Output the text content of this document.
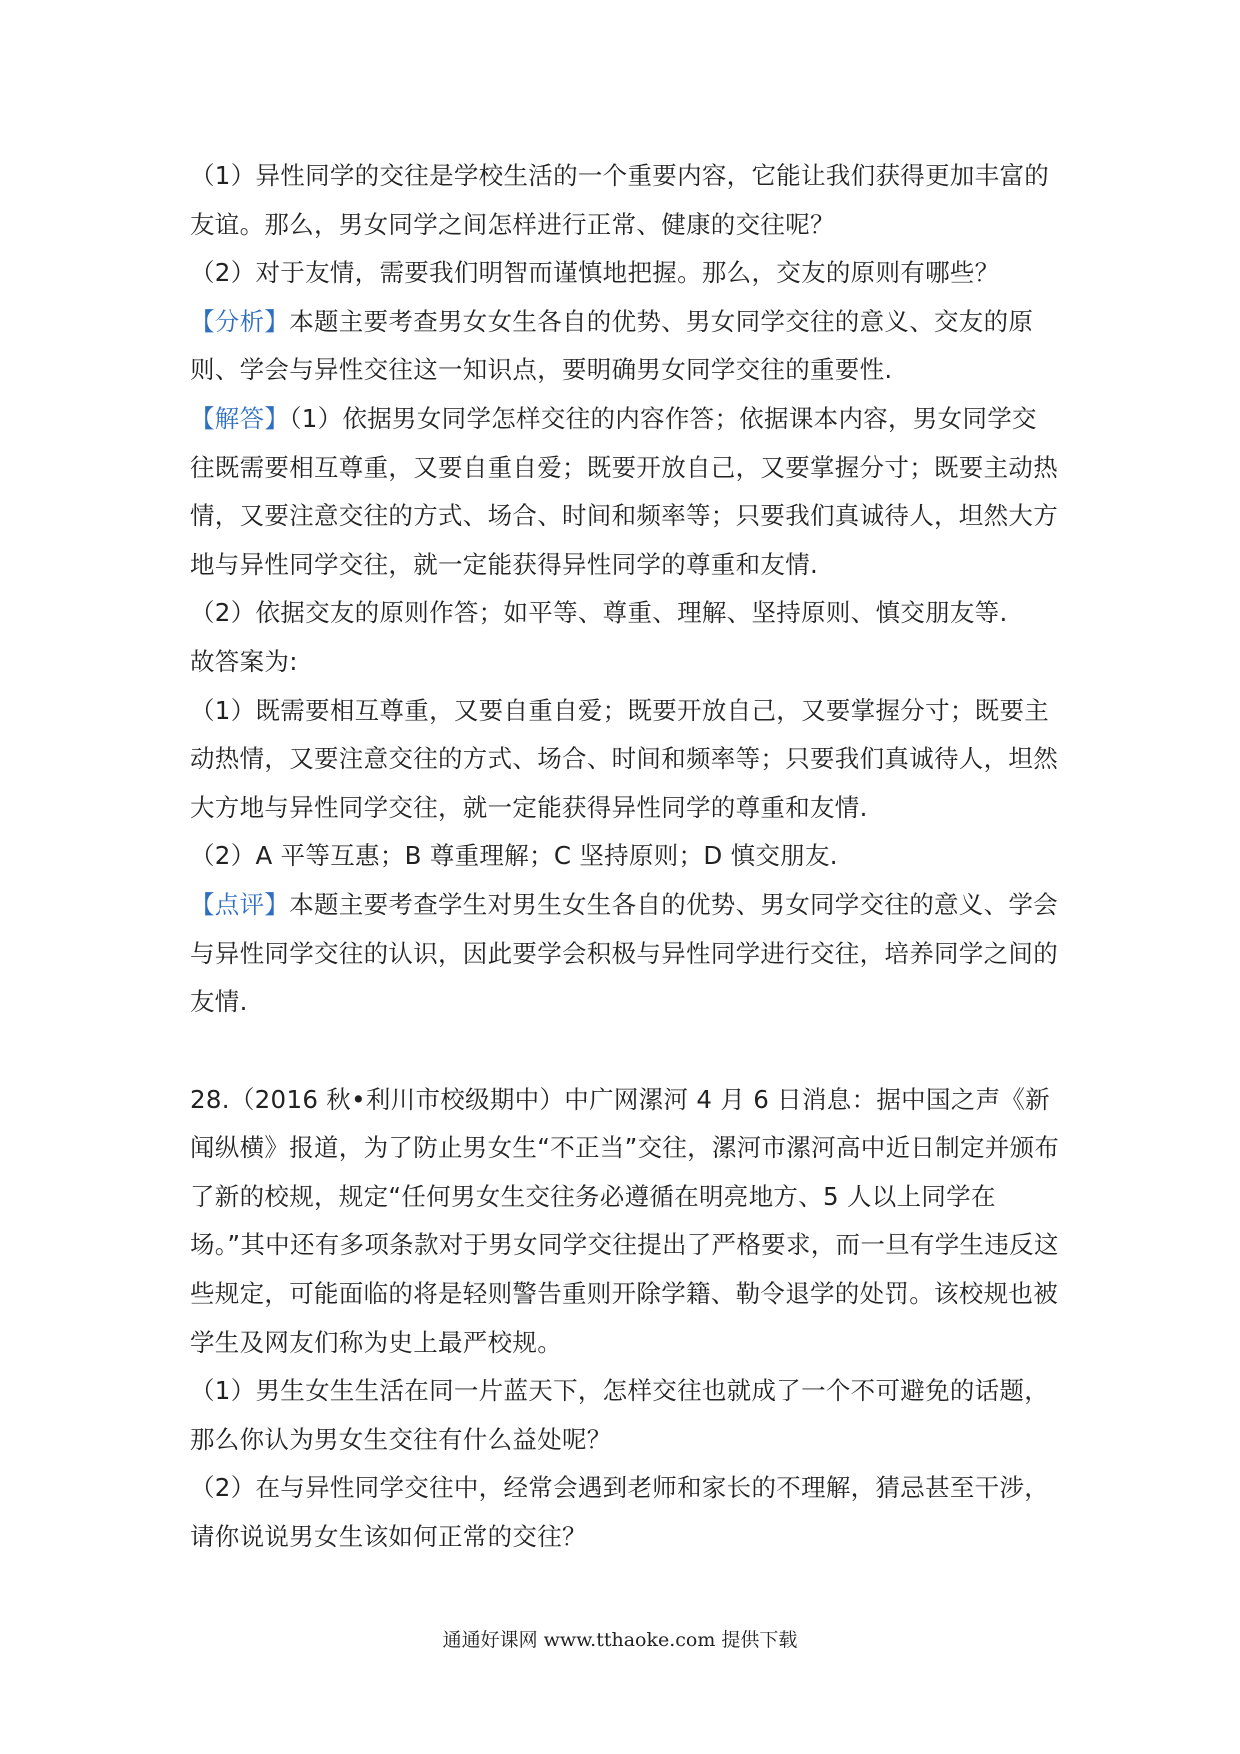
（1）异性同学的交往是学校生活的一个重要内容，它能让我们获得更加丰富的友谊。那么，男女同学之间怎样进行正常、健康的交往呢？

（2）对于友情，需要我们明智而谨慎地把握。那么，交友的原则有哪些？

【分析】本题主要考查男女女生各自的优势、男女同学交往的意义、交友的原则、学会与异性交往这一知识点，要明确男女同学交往的重要性.

【解答】（1）依据男女同学怎样交往的内容作答；依据课本内容，男女同学交往既需要相互尊重，又要自重自爱；既要开放自己，又要掌握分寸；既要主动热情，又要注意交往的方式、场合、时间和频率等；只要我们真诚待人，坦然大方地与异性同学交往，就一定能获得异性同学的尊重和友情.

（2）依据交友的原则作答；如平等、尊重、理解、坚持原则、慎交朋友等.

故答案为:

（1）既需要相互尊重，又要自重自爱；既要开放自己，又要掌握分寸；既要主动热情，又要注意交往的方式、场合、时间和频率等；只要我们真诚待人，坦然大方地与异性同学交往，就一定能获得异性同学的尊重和友情.

（2）A 平等互惠；B 尊重理解；C 坚持原则；D 慎交朋友.

【点评】本题主要考查学生对男生女生各自的优势、男女同学交往的意义、学会与异性同学交往的认识，因此要学会积极与异性同学进行交往，培养同学之间的友情.

28.（2016 秋•利川市校级期中）中广网漯河 4 月 6 日消息：据中国之声《新闻纵横》报道，为了防止男女生“不正当”交往，漯河市漯河高中近日制定并颁布了新的校规，规定“任何男女生交往务必遵循在明亮地方、5 人以上同学在场。”其中还有多项条款对于男女同学交往提出了严格要求，而一旦有学生违反这些规定，可能面临的将是轻则警告重则开除学籍、勒令退学的处罚。该校规也被学生及网友们称为史上最严校规。

（1）男生女生生活在同一片蓝天下，怎样交往也就成了一个不可避免的话题，那么你认为男女生交往有什么益处呢？

（2）在与异性同学交往中，经常会遇到老师和家长的不理解，猜忌甚至干涉，请你说说男女生该如何正常的交往？

通通好课网 www.tthaoke.com 提供下载
